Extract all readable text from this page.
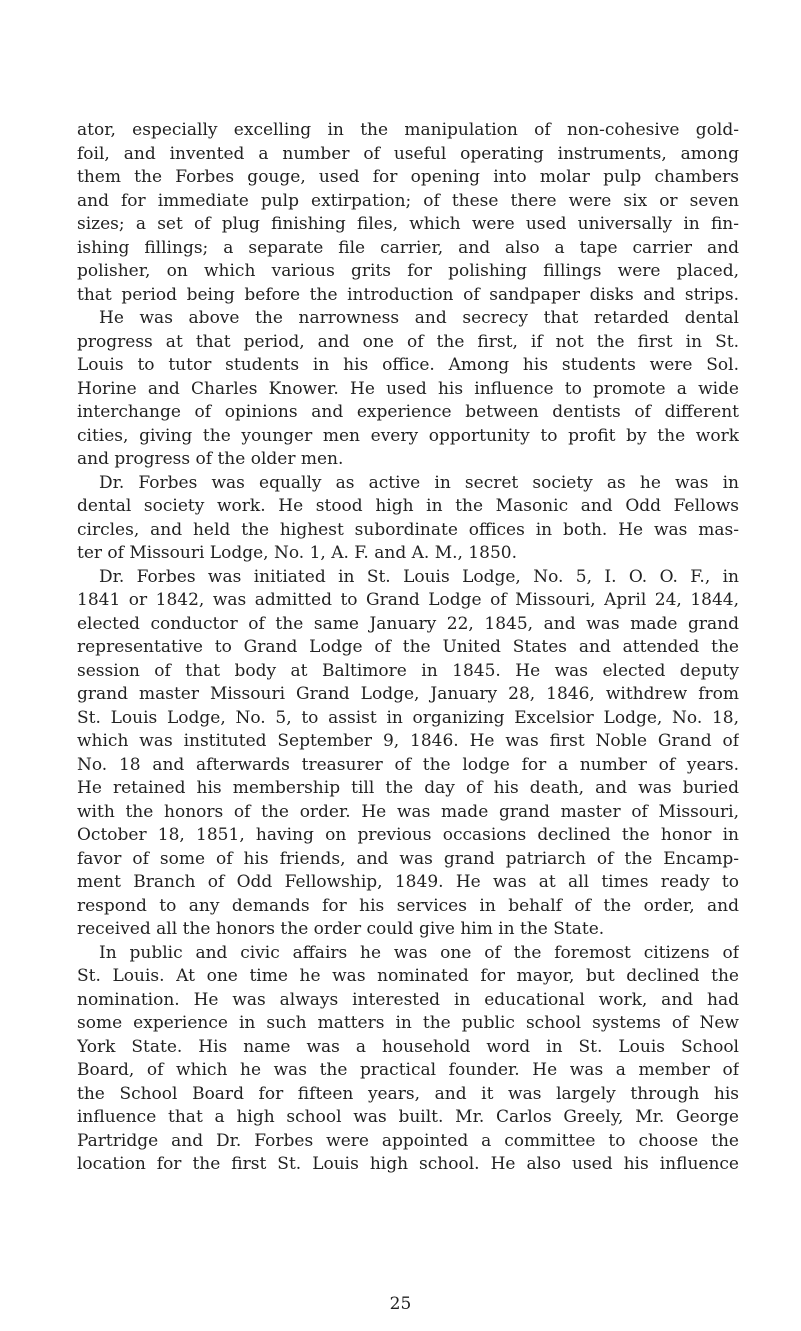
ator, especially excelling in the manipulation of non-cohesive gold-
foil, and invented a number of useful operating instruments, among
them the Forbes gouge, used for opening into molar pulp chambers
and for immediate pulp extirpation; of these there were six or seven
sizes; a set of plug finishing files, which were used universally in fin-
ishing fillings; a separate file carrier, and also a tape carrier and
polisher, on which various grits for polishing fillings were placed,
that period being before the introduction of sandpaper disks and strips.
He was above the narrowness and secrecy that retarded dental
progress at that period, and one of the first, if not the first in St.
Louis to tutor students in his office. Among his students were Sol.
Horine and Charles Knower. He used his influence to promote a wide
interchange of opinions and experience between dentists of different
cities, giving the younger men every opportunity to profit by the work
and progress of the older men.
Dr. Forbes was equally as active in secret society as he was in
dental society work. He stood high in the Masonic and Odd Fellows
circles, and held the highest subordinate offices in both. He was mas-
ter of Missouri Lodge, No. 1, A. F. and A. M., 1850.
Dr. Forbes was initiated in St. Louis Lodge, No. 5, I. O. O. F., in
1841 or 1842, was admitted to Grand Lodge of Missouri, April 24, 1844,
elected conductor of the same January 22, 1845, and was made grand
representative to Grand Lodge of the United States and attended the
session of that body at Baltimore in 1845. He was elected deputy
grand master Missouri Grand Lodge, January 28, 1846, withdrew from
St. Louis Lodge, No. 5, to assist in organizing Excelsior Lodge, No. 18,
which was instituted September 9, 1846. He was first Noble Grand of
No. 18 and afterwards treasurer of the lodge for a number of years.
He retained his membership till the day of his death, and was buried
with the honors of the order. He was made grand master of Missouri,
October 18, 1851, having on previous occasions declined the honor in
favor of some of his friends, and was grand patriarch of the Encamp-
ment Branch of Odd Fellowship, 1849. He was at all times ready to
respond to any demands for his services in behalf of the order, and
received all the honors the order could give him in the State.
In public and civic affairs he was one of the foremost citizens of
St. Louis. At one time he was nominated for mayor, but declined the
nomination. He was always interested in educational work, and had
some experience in such matters in the public school systems of New
York State. His name was a household word in St. Louis School
Board, of which he was the practical founder. He was a member of
the School Board for fifteen years, and it was largely through his
influence that a high school was built. Mr. Carlos Greely, Mr. George
Partridge and Dr. Forbes were appointed a committee to choose the
location for the first St. Louis high school. He also used his influence
25
